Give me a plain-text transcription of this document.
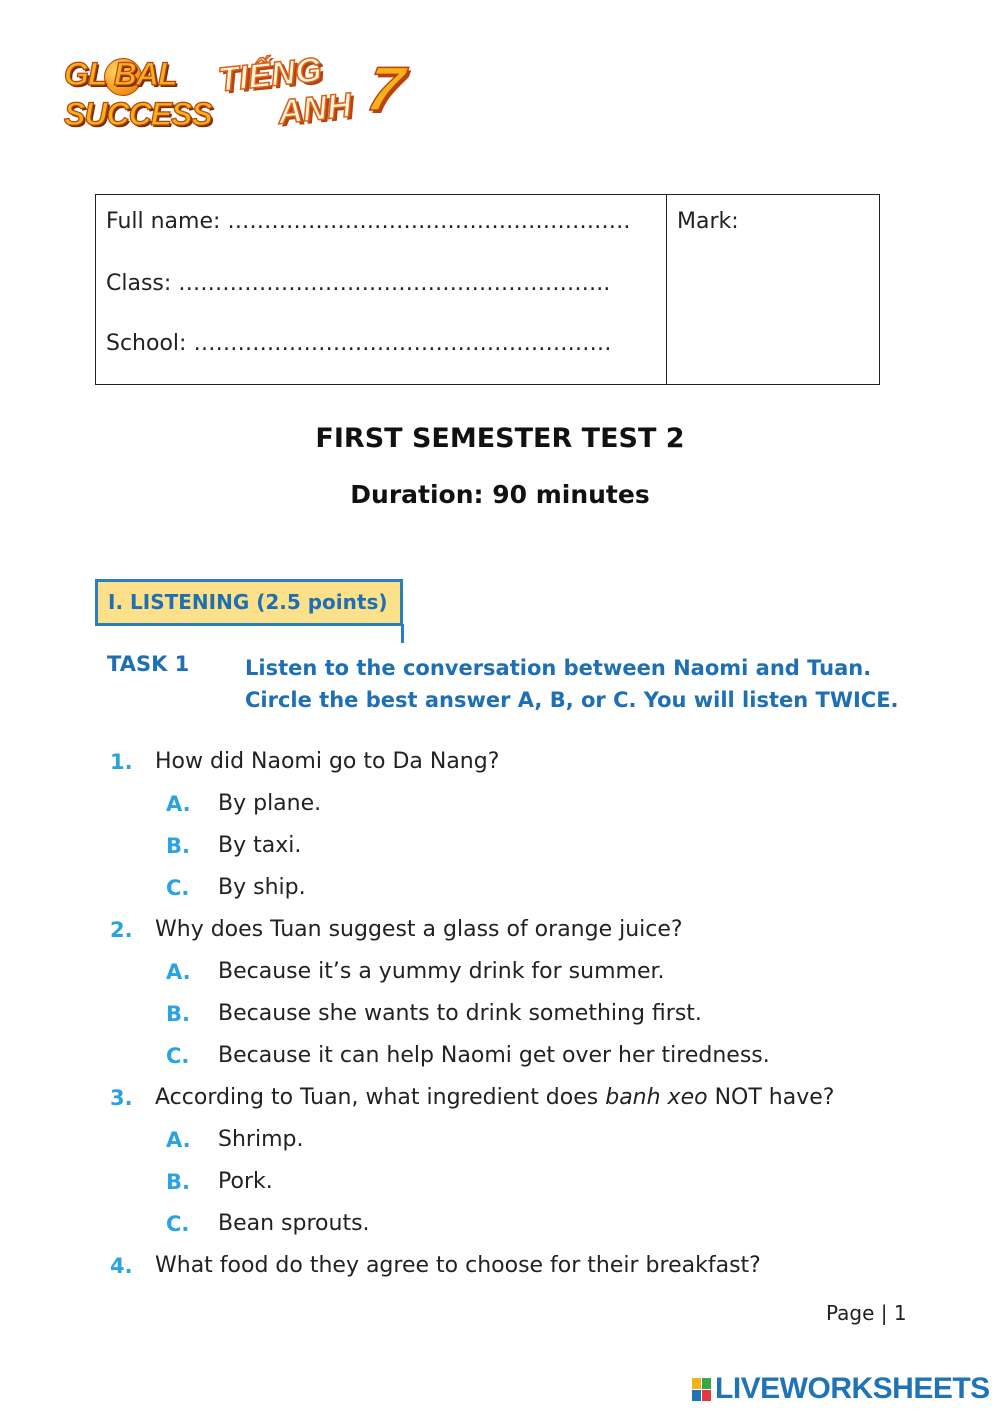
GL BAL
SUCCESS
TIẾNG
ANH 7
Full name: ……………………………………………….
Class: …………………………………………………..
School: …………………………………………………
Mark:
FIRST SEMESTER TEST 2
Duration: 90 minutes
I. LISTENING (2.5 points)
TASK 1	Listen to the conversation between Naomi and Tuan.
Circle the best answer A, B, or C. You will listen TWICE.
1. How did Naomi go to Da Nang?
A. By plane.
B. By taxi.
C. By ship.
2. Why does Tuan suggest a glass of orange juice?
A. Because it’s a yummy drink for summer.
B. Because she wants to drink something first.
C. Because it can help Naomi get over her tiredness.
3. According to Tuan, what ingredient does banh xeo NOT have?
A. Shrimp.
B. Pork.
C. Bean sprouts.
4. What food do they agree to choose for their breakfast?
Page | 1
LIVEWORKSHEETS
